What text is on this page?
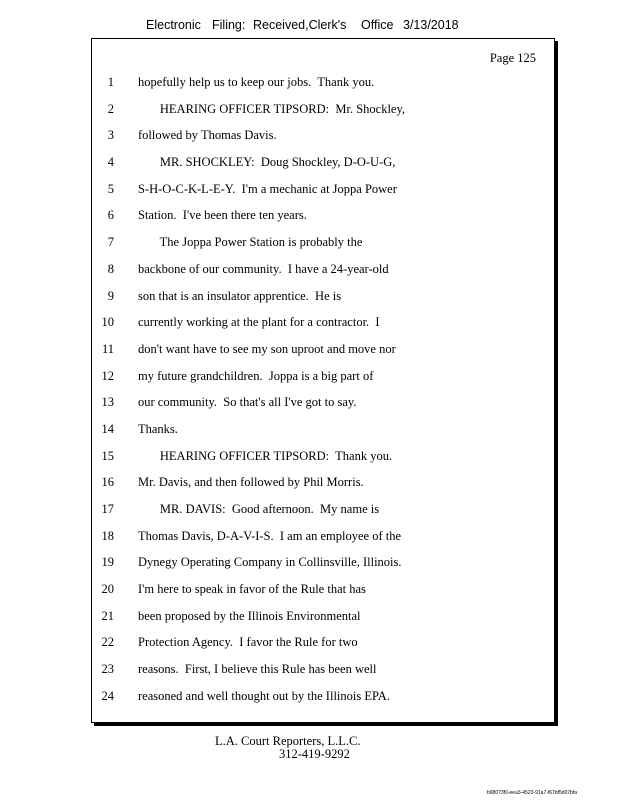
Electronic Filing: Received,Clerk's Office 3/13/2018
Page 125
1 hopefully help us to keep our jobs.  Thank you.
2 HEARING OFFICER TIPSORD:  Mr. Shockley,
3 followed by Thomas Davis.
4 MR. SHOCKLEY:  Doug Shockley, D-O-U-G,
5 S-H-O-C-K-L-E-Y.  I'm a mechanic at Joppa Power
6 Station.  I've been there ten years.
7 The Joppa Power Station is probably the
8 backbone of our community.  I have a 24-year-old
9 son that is an insulator apprentice.  He is
10 currently working at the plant for a contractor.  I
11 don't want have to see my son uproot and move nor
12 my future grandchildren.  Joppa is a big part of
13 our community.  So that's all I've got to say.
14 Thanks.
15 HEARING OFFICER TIPSORD:  Thank you.
16 Mr. Davis, and then followed by Phil Morris.
17 MR. DAVIS:  Good afternoon.  My name is
18 Thomas Davis, D-A-V-I-S.  I am an employee of the
19 Dynegy Operating Company in Collinsville, Illinois.
20 I'm here to speak in favor of the Rule that has
21 been proposed by the Illinois Environmental
22 Protection Agency.  I favor the Rule for two
23 reasons.  First, I believe this Rule has been well
24 reasoned and well thought out by the Illinois EPA.
L.A. Court Reporters, L.L.C.
312-419-9292
b98073f0-eea3-4523-91a7-f67bf5d07bfa
